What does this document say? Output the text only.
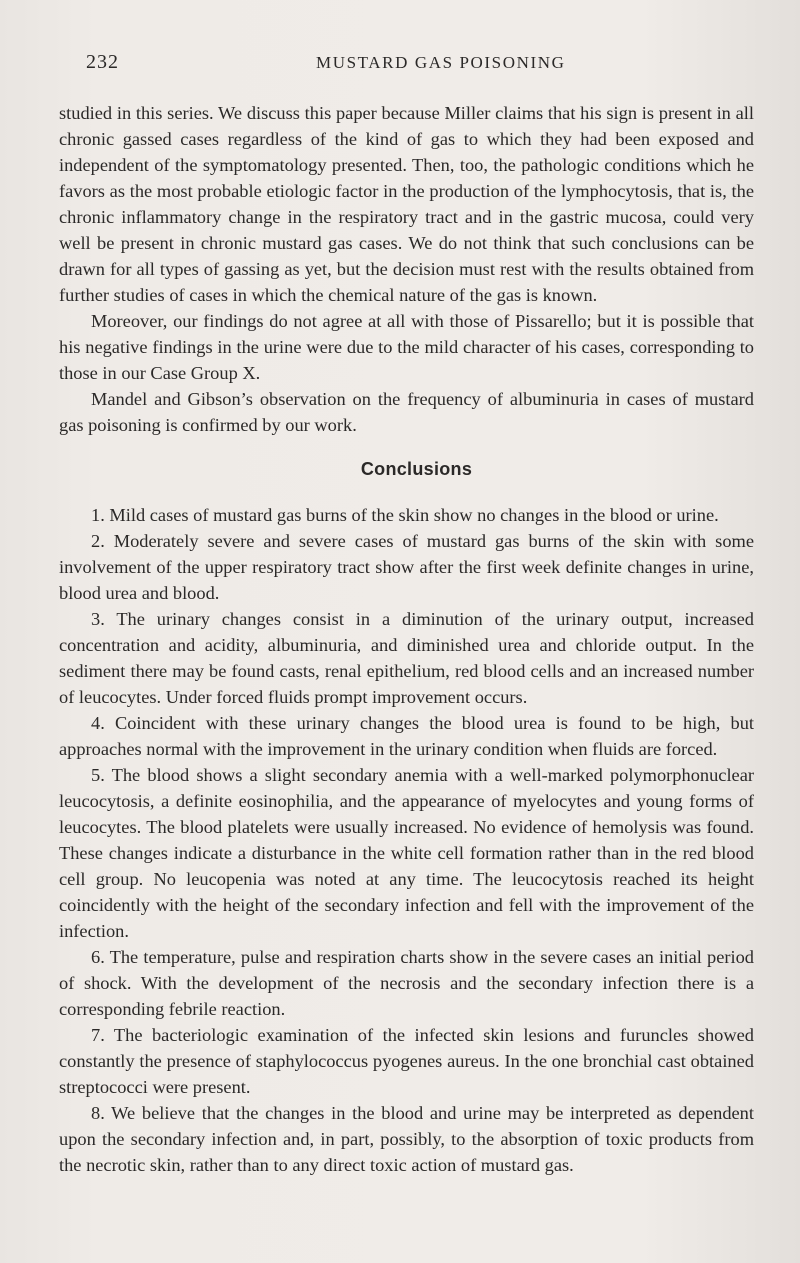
232	MUSTARD GAS POISONING

studied in this series. We discuss this paper because Miller claims that his sign is present in all chronic gassed cases regardless of the kind of gas to which they had been exposed and independent of the symptomatology presented. Then, too, the pathologic conditions which he favors as the most probable etiologic factor in the production of the lymphocytosis, that is, the chronic inflammatory change in the respiratory tract and in the gastric mucosa, could very well be present in chronic mustard gas cases. We do not think that such conclusions can be drawn for all types of gassing as yet, but the decision must rest with the results obtained from further studies of cases in which the chemical nature of the gas is known.

Moreover, our findings do not agree at all with those of Pissarello; but it is possible that his negative findings in the urine were due to the mild character of his cases, corresponding to those in our Case Group X.

Mandel and Gibson’s observation on the frequency of albuminuria in cases of mustard gas poisoning is confirmed by our work.

Conclusions

1. Mild cases of mustard gas burns of the skin show no changes in the blood or urine.

2. Moderately severe and severe cases of mustard gas burns of the skin with some involvement of the upper respiratory tract show after the first week definite changes in urine, blood urea and blood.

3. The urinary changes consist in a diminution of the urinary output, increased concentration and acidity, albuminuria, and diminished urea and chloride output. In the sediment there may be found casts, renal epithelium, red blood cells and an increased number of leucocytes. Under forced fluids prompt improvement occurs.

4. Coincident with these urinary changes the blood urea is found to be high, but approaches normal with the improvement in the urinary condition when fluids are forced.

5. The blood shows a slight secondary anemia with a well-marked polymorphonuclear leucocytosis, a definite eosinophilia, and the appearance of myelocytes and young forms of leucocytes. The blood platelets were usually increased. No evidence of hemolysis was found. These changes indicate a disturbance in the white cell formation rather than in the red blood cell group. No leucopenia was noted at any time. The leucocytosis reached its height coincidently with the height of the secondary infection and fell with the improvement of the infection.

6. The temperature, pulse and respiration charts show in the severe cases an initial period of shock. With the development of the necrosis and the secondary infection there is a corresponding febrile reaction.

7. The bacteriologic examination of the infected skin lesions and furuncles showed constantly the presence of staphylococcus pyogenes aureus. In the one bronchial cast obtained streptococci were present.

8. We believe that the changes in the blood and urine may be interpreted as dependent upon the secondary infection and, in part, possibly, to the absorption of toxic products from the necrotic skin, rather than to any direct toxic action of mustard gas.
